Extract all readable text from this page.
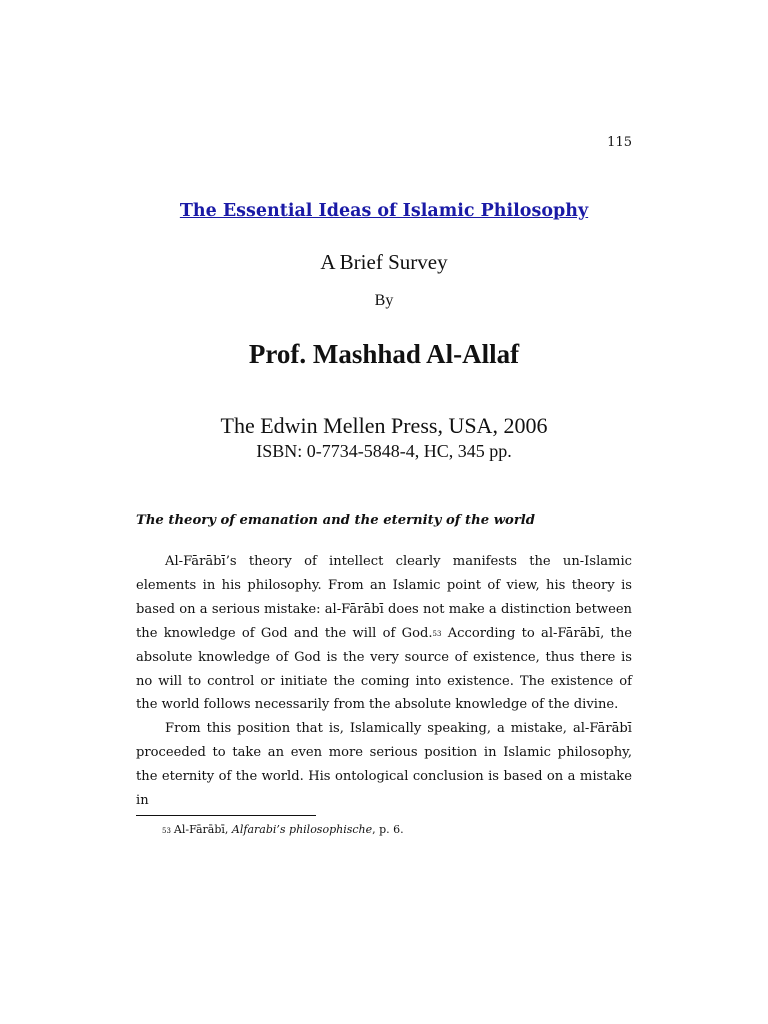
115
The Essential Ideas of Islamic Philosophy
A Brief Survey
By
Prof. Mashhad Al-Allaf
The Edwin Mellen Press, USA, 2006
ISBN: 0-7734-5848-4, HC, 345 pp.
The theory of emanation and the eternity of the world

Al-Fārābī’s theory of intellect clearly manifests the un-Islamic elements in his philosophy. From an Islamic point of view, his theory is based on a serious mistake: al-Fārābī does not make a distinction between the knowledge of God and the will of God.$^{53}$ According to al-Fārābī, the absolute knowledge of God is the very source of existence, thus there is no will to control or initiate the coming into existence. The existence of the world follows necessarily from the absolute knowledge of the divine.

From this position that is, Islamically speaking, a mistake, al-Fārābī proceeded to take an even more serious position in Islamic philosophy, the eternity of the world. His ontological conclusion is based on a mistake in

53 Al-Fārābī, Alfarabi’s philosophische, p. 6.
